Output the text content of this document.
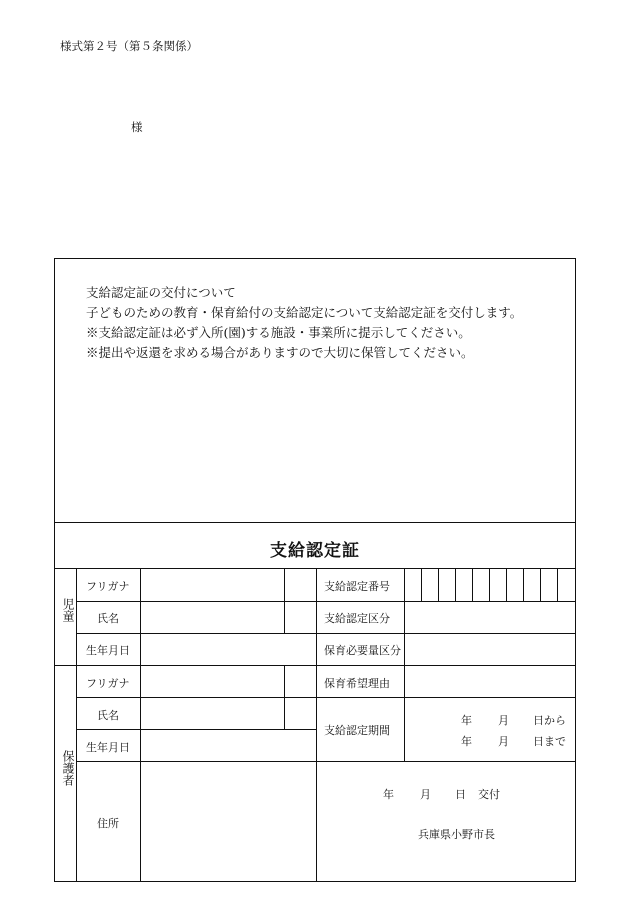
様式第２号（第５条関係）
様
支給認定証の交付について
子どものための教育・保育給付の支給認定について支給認定証を交付します。
※支給認定証は必ず入所(園)する施設・事業所に提示してください。
※提出や返還を求める場合がありますので大切に保管してください。
支給認定証
児童
保護者
フリガナ
氏名
生年月日
フリガナ
氏名
生年月日
住所
支給認定番号
支給認定区分
保育必要量区分
保育希望理由
支給認定期間
年 月 日から
年 月 日まで
年 月 日 交付
兵庫県小野市長
